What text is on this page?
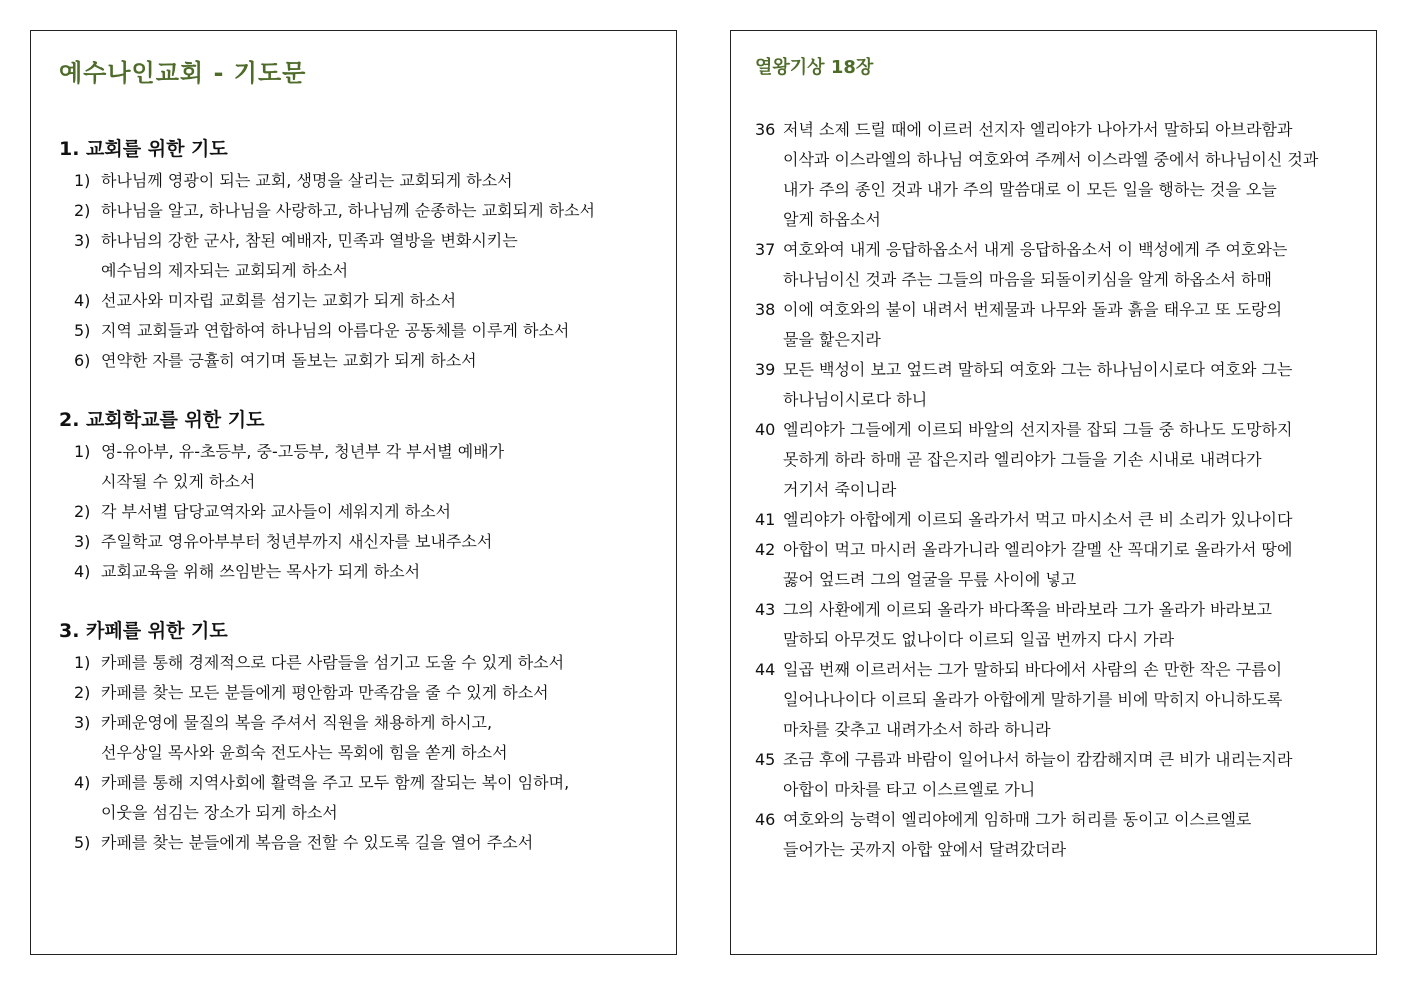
예수나인교회 - 기도문
1. 교회를 위한 기도
1) 하나님께 영광이 되는 교회, 생명을 살리는 교회되게 하소서
2) 하나님을 알고, 하나님을 사랑하고, 하나님께 순종하는 교회되게 하소서
3) 하나님의 강한 군사, 참된 예배자, 민족과 열방을 변화시키는
예수님의 제자되는 교회되게 하소서
4) 선교사와 미자립 교회를 섬기는 교회가 되게 하소서
5) 지역 교회들과 연합하여 하나님의 아름다운 공동체를 이루게 하소서
6) 연약한 자를 긍휼히 여기며 돌보는 교회가 되게 하소서
2. 교회학교를 위한 기도
1) 영-유아부, 유-초등부, 중-고등부, 청년부 각 부서별 예배가
시작될 수 있게 하소서
2) 각 부서별 담당교역자와 교사들이 세워지게 하소서
3) 주일학교 영유아부부터 청년부까지 새신자를 보내주소서
4) 교회교육을 위해 쓰임받는 목사가 되게 하소서
3. 카페를 위한 기도
1) 카페를 통해 경제적으로 다른 사람들을 섬기고 도울 수 있게 하소서
2) 카페를 찾는 모든 분들에게 평안함과 만족감을 줄 수 있게 하소서
3) 카페운영에 물질의 복을 주셔서 직원을 채용하게 하시고,
선우상일 목사와 윤희숙 전도사는 목회에 힘을 쏟게 하소서
4) 카페를 통해 지역사회에 활력을 주고 모두 함께 잘되는 복이 임하며,
이웃을 섬김는 장소가 되게 하소서
5) 카페를 찾는 분들에게 복음을 전할 수 있도록 길을 열어 주소서
열왕기상 18장
36 저녁 소제 드릴 때에 이르러 선지자 엘리야가 나아가서 말하되 아브라함과
이삭과 이스라엘의 하나님 여호와여 주께서 이스라엘 중에서 하나님이신 것과
내가 주의 종인 것과 내가 주의 말씀대로 이 모든 일을 행하는 것을 오늘
알게 하옵소서
37 여호와여 내게 응답하옵소서 내게 응답하옵소서 이 백성에게 주 여호와는
하나님이신 것과 주는 그들의 마음을 되돌이키심을 알게 하옵소서 하매
38 이에 여호와의 불이 내려서 번제물과 나무와 돌과 흙을 태우고 또 도랑의
물을 핥은지라
39 모든 백성이 보고 엎드려 말하되 여호와 그는 하나님이시로다 여호와 그는
하나님이시로다 하니
40 엘리야가 그들에게 이르되 바알의 선지자를 잡되 그들 중 하나도 도망하지
못하게 하라 하매 곧 잡은지라 엘리야가 그들을 기손 시내로 내려다가
거기서 죽이니라
41 엘리야가 아합에게 이르되 올라가서 먹고 마시소서 큰 비 소리가 있나이다
42 아합이 먹고 마시러 올라가니라 엘리야가 갈멜 산 꼭대기로 올라가서 땅에
꿇어 엎드려 그의 얼굴을 무릎 사이에 넣고
43 그의 사환에게 이르되 올라가 바다쪽을 바라보라 그가 올라가 바라보고
말하되 아무것도 없나이다 이르되 일곱 번까지 다시 가라
44 일곱 번째 이르러서는 그가 말하되 바다에서 사람의 손 만한 작은 구름이
일어나나이다 이르되 올라가 아합에게 말하기를 비에 막히지 아니하도록
마차를 갖추고 내려가소서 하라 하니라
45 조금 후에 구름과 바람이 일어나서 하늘이 캄캄해지며 큰 비가 내리는지라
아합이 마차를 타고 이스르엘로 가니
46 여호와의 능력이 엘리야에게 임하매 그가 허리를 동이고 이스르엘로
들어가는 곳까지 아합 앞에서 달려갔더라
